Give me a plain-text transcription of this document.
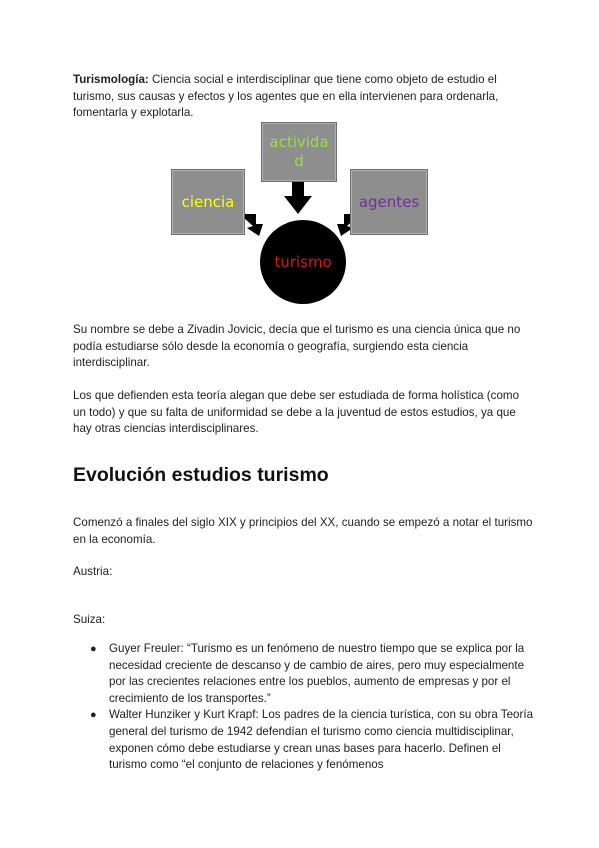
Turismología: Ciencia social e interdisciplinar que tiene como objeto de estudio el turismo, sus causas y efectos y los agentes que en ella intervienen para ordenarla, fomentarla y explotarla.

ciencia
activida
d
agentes
turismo

Su nombre se debe a Zivadin Jovicic, decía que el turismo es una ciencia única que no podía estudiarse sólo desde la economía o geografía, surgiendo esta ciencia interdisciplinar.

Los que defienden esta teoría alegan que debe ser estudiada de forma holística (como un todo) y que su falta de uniformidad se debe a la juventud de estos estudios, ya que hay otras ciencias interdisciplinares.

Evolución estudios turismo

Comenzó a finales del siglo XIX y principios del XX, cuando se empezó a notar el turismo en la economía.

Austria:

Suiza:

● Guyer Freuler: “Turismo es un fenómeno de nuestro tiempo que se explica por la necesidad creciente de descanso y de cambio de aires, pero muy especialmente por las crecientes relaciones entre los pueblos, aumento de empresas y por el crecimiento de los transportes.”
● Walter Hunziker y Kurt Krapf: Los padres de la ciencia turística, con su obra Teoría general del turismo de 1942 defendían el turismo como ciencia multidisciplinar, exponen cómo debe estudiarse y crean unas bases para hacerlo. Definen el turismo como “el conjunto de relaciones y fenómenos
